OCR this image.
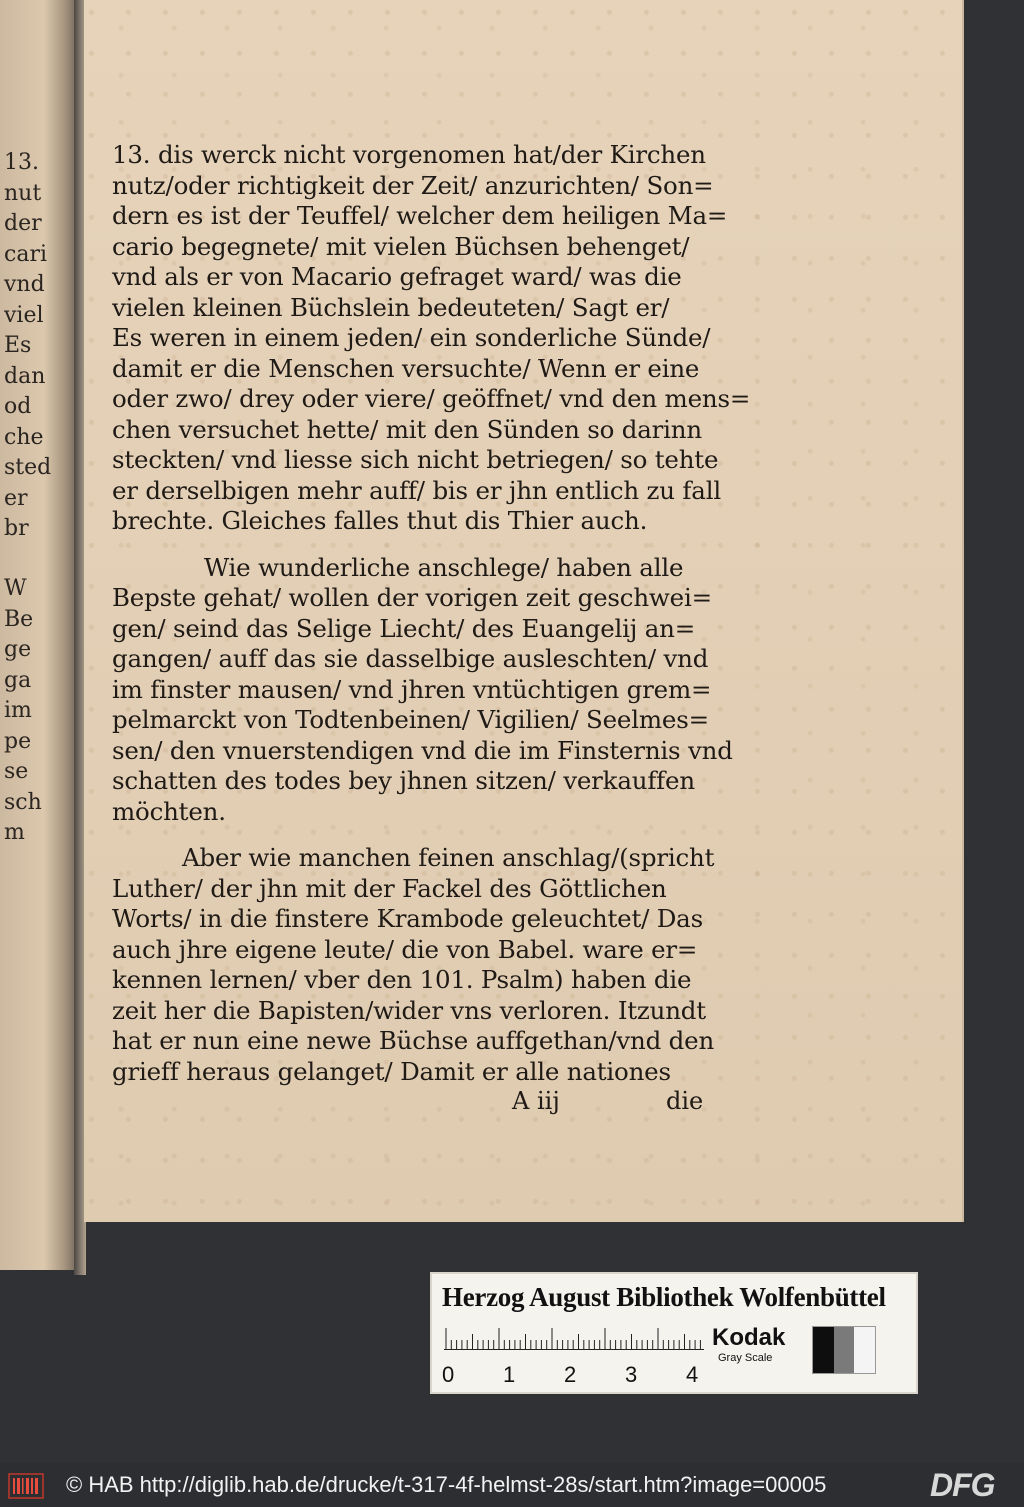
13.
nut
der
cari
vnd
viel
Es
dan
od
che
sted
er
br
W
Be
ge
ga
im
pe
se
sch
m
13. dis werck nicht vorgenomen hat/der Kirchen
nutz/oder richtigkeit der Zeit/ anzurichten/ Son=
dern es ist der Teuffel/ welcher dem heiligen Ma=
cario begegnete/ mit vielen Büchsen behenget/
vnd als er von Macario gefraget ward/ was die
vielen kleinen Büchslein bedeuteten/ Sagt er/
Es weren in einem jeden/ ein sonderliche Sünde/
damit er die Menschen versuchte/ Wenn er eine
oder zwo/ drey oder viere/ geöffnet/ vnd den mens=
chen versuchet hette/ mit den Sünden so darinn
steckten/ vnd liesse sich nicht betriegen/ so tehte
er derselbigen mehr auff/ bis er jhn entlich zu fall
brechte. Gleiches falles thut dis Thier auch.
Wie wunderliche anschlege/ haben alle
Bepste gehat/ wollen der vorigen zeit geschwei=
gen/ seind das Selige Liecht/ des Euangelij an=
gangen/ auff das sie dasselbige ausleschten/ vnd
im finster mausen/ vnd jhren vntüchtigen grem=
pelmarckt von Todtenbeinen/ Vigilien/ Seelmes=
sen/ den vnuerstendigen vnd die im Finsternis vnd
schatten des todes bey jhnen sitzen/ verkauffen
möchten.
Aber wie manchen feinen anschlag/(spricht
Luther/ der jhn mit der Fackel des Göttlichen
Worts/ in die finstere Krambode geleuchtet/ Das
auch jhre eigene leute/ die von Babel. ware er=
kennen lernen/ vber den 101. Psalm) haben die
zeit her die Bapisten/wider vns verloren. Itzundt
hat er nun eine newe Büchse auffgethan/vnd den
grieff heraus gelanget/ Damit er alle nationes
A iij	die
Herzog August Bibliothek Wolfenbüttel
0 1 2 3 4
Kodak
Gray Scale
© HAB http://diglib.hab.de/drucke/t-317-4f-helmst-28s/start.htm?image=00005	DFG
